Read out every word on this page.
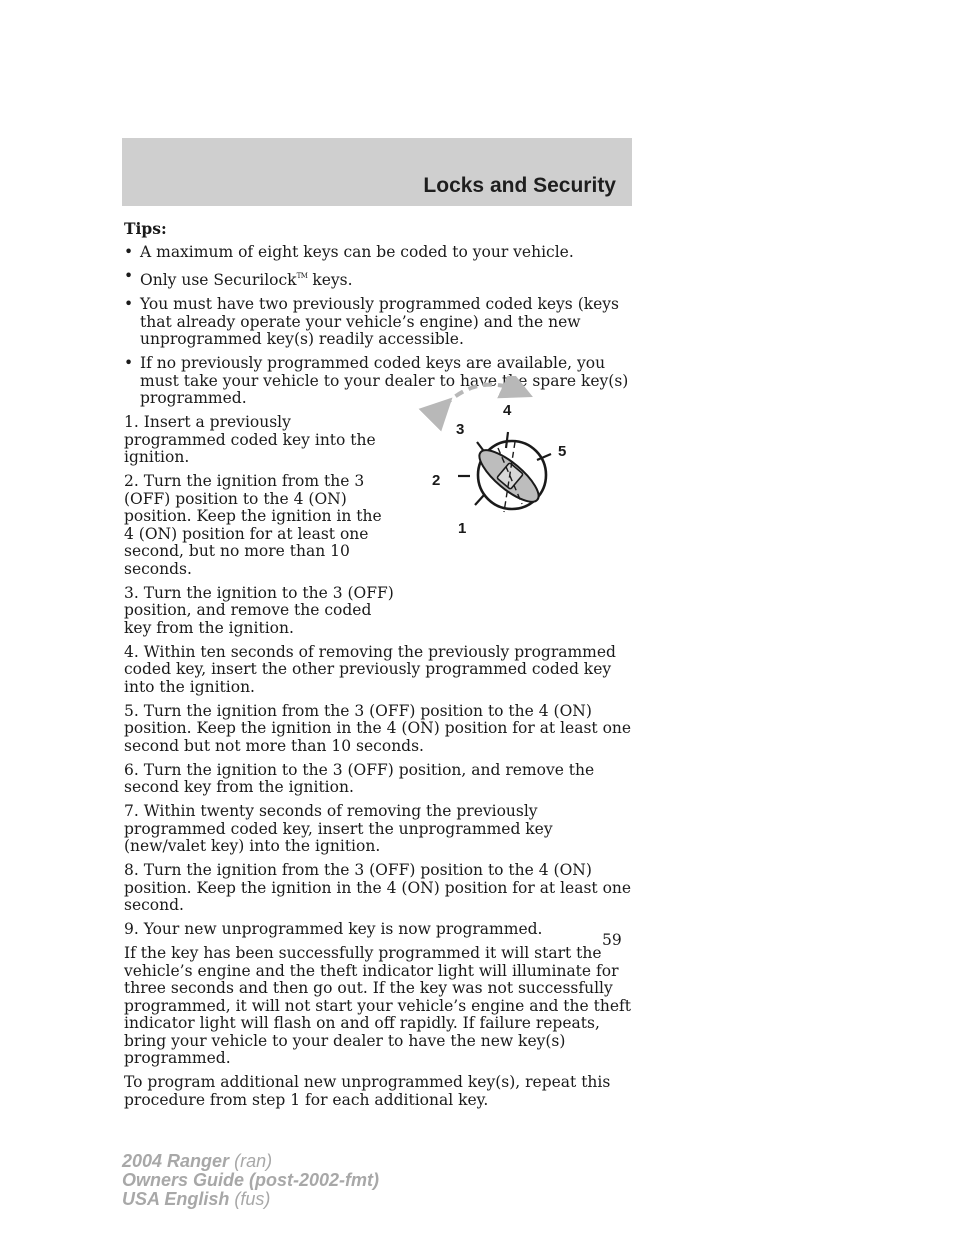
Locks and Security

Tips:

• A maximum of eight keys can be coded to your vehicle.
• Only use Securilock™ keys.
• You must have two previously programmed coded keys (keys that already operate your vehicle’s engine) and the new unprogrammed key(s) readily accessible.
• If no previously programmed coded keys are available, you must take your vehicle to your dealer to have the spare key(s) programmed.

1. Insert a previously programmed coded key into the ignition.

2. Turn the ignition from the 3 (OFF) position to the 4 (ON) position. Keep the ignition in the 4 (ON) position for at least one second, but no more than 10 seconds.

3. Turn the ignition to the 3 (OFF) position, and remove the coded key from the ignition.

4. Within ten seconds of removing the previously programmed coded key, insert the other previously programmed coded key into the ignition.

5. Turn the ignition from the 3 (OFF) position to the 4 (ON) position. Keep the ignition in the 4 (ON) position for at least one second but not more than 10 seconds.

6. Turn the ignition to the 3 (OFF) position, and remove the second key from the ignition.

7. Within twenty seconds of removing the previously programmed coded key, insert the unprogrammed key (new/valet key) into the ignition.

8. Turn the ignition from the 3 (OFF) position to the 4 (ON) position. Keep the ignition in the 4 (ON) position for at least one second.

9. Your new unprogrammed key is now programmed.

If the key has been successfully programmed it will start the vehicle’s engine and the theft indicator light will illuminate for three seconds and then go out. If the key was not successfully programmed, it will not start your vehicle’s engine and the theft indicator light will flash on and off rapidly. If failure repeats, bring your vehicle to your dealer to have the new key(s) programmed.

To program additional new unprogrammed key(s), repeat this procedure from step 1 for each additional key.

2
3
4
5
1
59
2004 Ranger (ran)
Owners Guide (post-2002-fmt)
USA English (fus)
